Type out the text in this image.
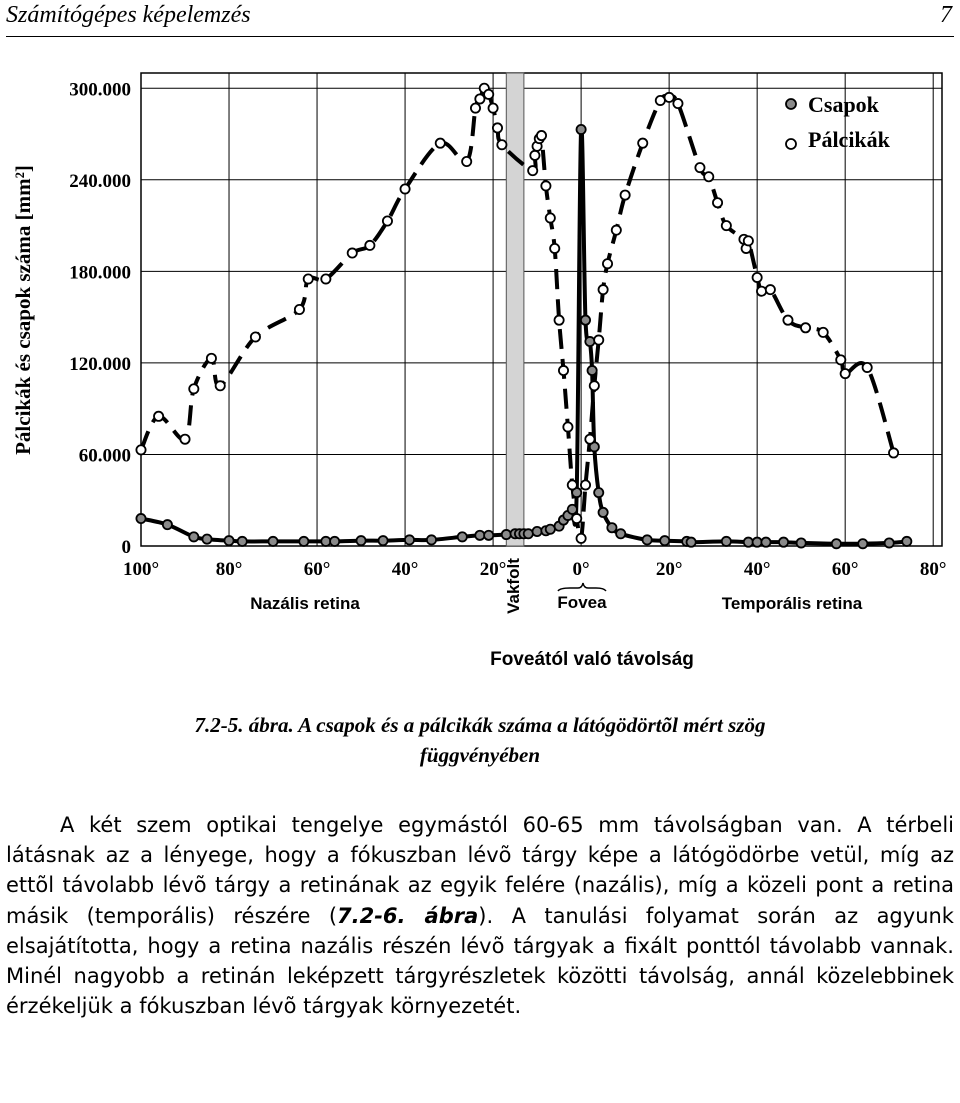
Számítógépes képelemzés	7
0
60.000
120.000
180.000
240.000
300.000
100°	80°	60°	40°	20°	0°	20°	40°	60°	80°
Csapok
Pálcikák
Pálcikák és csapok száma [mm²]
Nazális retina	Temporális retina
Fovea
Vakfolt
Foveától való távolság
7.2-5. ábra. A csapok és a pálcikák száma a látógödörtõl mért szög
függvényében

A két szem optikai tengelye egymástól 60-65 mm távolságban van. A térbeli látásnak az a lényege, hogy a fókuszban lévõ tárgy képe a látógödörbe vetül, míg az ettõl távolabb lévõ tárgy a retinának az egyik felére (nazális), míg a közeli pont a retina másik (temporális) részére (7.2-6. ábra). A tanulási folyamat során az agyunk elsajátította, hogy a retina nazális részén lévõ tárgyak a fixált ponttól távolabb vannak. Minél nagyobb a retinán leképzett tárgyrészletek közötti távolság, annál közelebbinek érzékeljük a fókuszban lévõ tárgyak környezetét.
